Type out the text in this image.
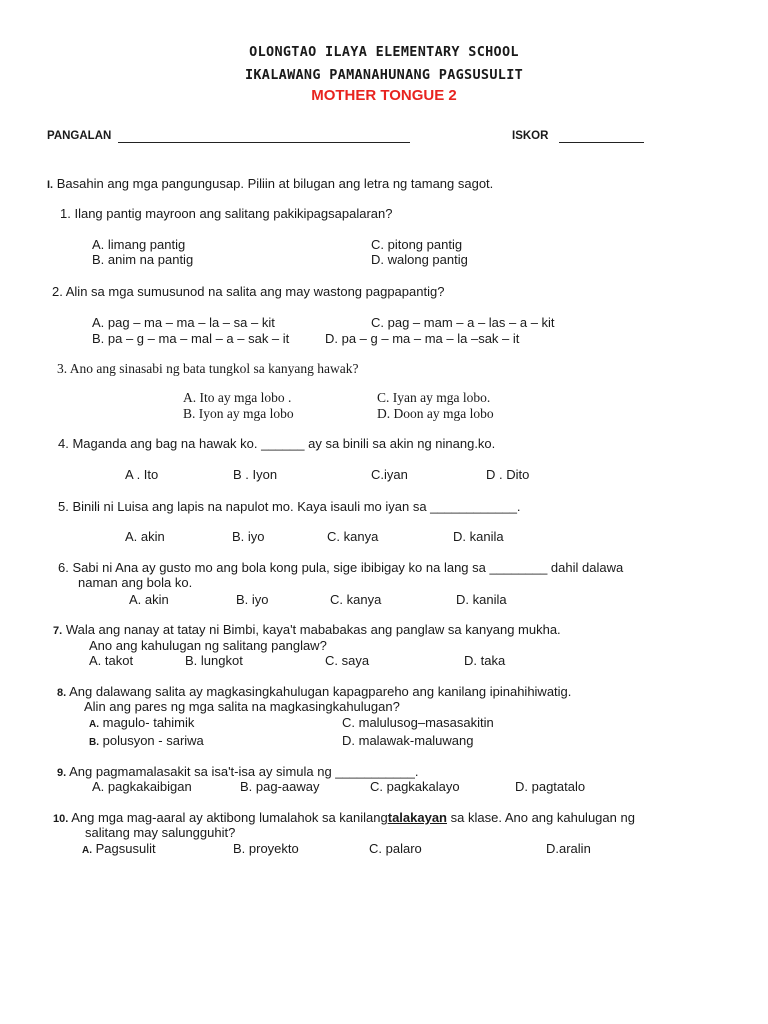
OLONGTAO ILAYA ELEMENTARY SCHOOL
IKALAWANG PAMANAHUNANG PAGSUSULIT
MOTHER TONGUE 2
PANGALAN	ISKOR
I. Basahin ang mga pangungusap. Piliin at bilugan ang letra ng tamang sagot.
1. Ilang pantig mayroon ang salitang pakikipagsapalaran?
A. limang pantig
B. anim na pantig
C. pitong pantig
D. walong pantig
2. Alin sa mga sumusunod na salita ang may wastong pagpapantig?
A. pag – ma – ma – la – sa – kit
B. pa – g – ma – mal – a – sak – it
C. pag – mam – a – las – a – kit
D. pa – g – ma – ma – la –sak – it
3. Ano ang sinasabi ng bata tungkol sa kanyang hawak?
A. Ito ay mga lobo .
B. Iyon ay mga lobo
C. Iyan ay mga lobo.
D. Doon ay mga lobo
4. Maganda ang bag na hawak ko. ______ ay sa binili sa akin ng ninang.ko.
A . Ito	B . Iyon	C.iyan	D . Dito
5. Binili ni Luisa ang lapis na napulot mo. Kaya isauli mo iyan sa ____________.
A. akin	B. iyo	C. kanya	D. kanila
6. Sabi ni Ana ay gusto mo ang bola kong pula, sige ibibigay ko na lang sa ________ dahil dalawa
naman ang bola ko.
A. akin	B. iyo	C. kanya	D. kanila
7. Wala ang nanay at tatay ni Bimbi, kaya't mababakas ang panglaw sa kanyang mukha.
Ano ang kahulugan ng salitang panglaw?
A. takot	B. lungkot	C. saya	D. taka
8. Ang dalawang salita ay magkasingkahulugan kapagpareho ang kanilang ipinahihiwatig.
Alin ang pares ng mga salita na magkasingkahulugan?
A. magulo- tahimik
B. polusyon - sariwa
C. malulusog–masasakitin
D. malawak-maluwang
9. Ang pagmamalasakit sa isa't-isa ay simula ng ___________.
A. pagkakaibigan	B. pag-aaway	C. pagkakalayo	D. pagtatalo
10. Ang mga mag-aaral ay aktibong lumalahok sa kanilangtalakayan sa klase. Ano ang kahulugan ng
salitang may salungguhit?
A. Pagsusulit	B. proyekto	C. palaro	D.aralin
